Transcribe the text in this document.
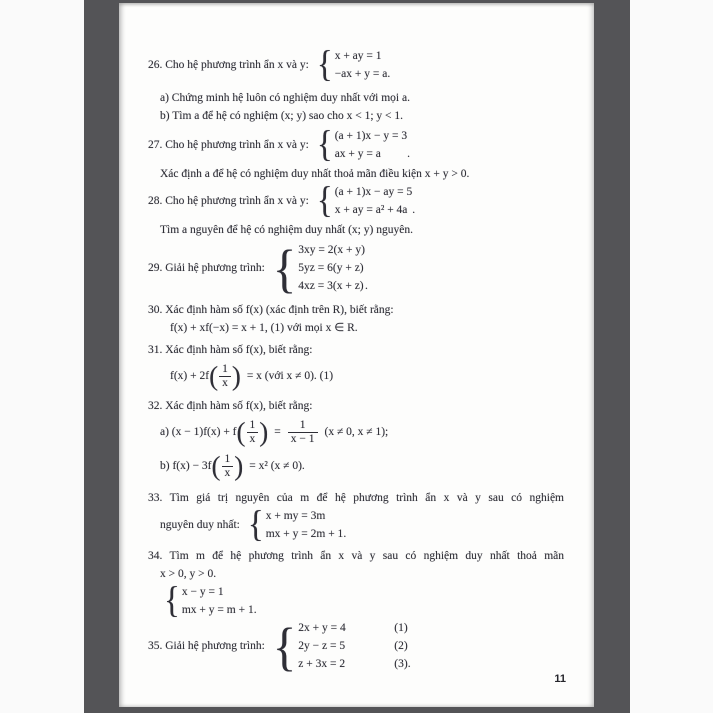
26. Cho hệ phương trình ẩn x và y: { x + ay = 1
−ax + y = a .
a) Chứng minh hệ luôn có nghiệm duy nhất với mọi a.
b) Tìm a để hệ có nghiệm (x; y) sao cho x < 1; y < 1.
27. Cho hệ phương trình ẩn x và y: { (a + 1)x − y = 3
ax + y = a	.
Xác định a để hệ có nghiệm duy nhất thoả mãn điều kiện x + y > 0.
28. Cho hệ phương trình ẩn x và y: { (a + 1)x − ay = 5
x + ay = a² + 4a .
Tìm a nguyên để hệ có nghiệm duy nhất (x; y) nguyên.
29. Giải hệ phương trình: { 3xy = 2(x + y)
5yz = 6(y + z)
4xz = 3(x + z) .
30. Xác định hàm số f(x) (xác định trên R), biết rằng:
f(x) + xf(−x) = x + 1, (1) với mọi x ∈ R.
31. Xác định hàm số f(x), biết rằng:
f(x) + 2f ( $\frac{1}{x}$ ) = x (với x ≠ 0). (1)
32. Xác định hàm số f(x), biết rằng:
a) (x − 1)f(x) + f ( $\frac{1}{x}$ ) = $\frac{1}{x - 1} (x \ne 0$, x ≠ 1);
b) f(x) − 3f ( $\frac{1}{x}$ ) = x² (x ≠ 0).
33. Tìm giá trị nguyên của m để hệ phương trình ẩn x và y sau có nghiệm
nguyên duy nhất: { x + my = 3m
mx + y = 2m + 1 .
34. Tìm m để hệ phương trình ẩn x và y sau có nghiệm duy nhất thoả mãn
x > 0, y > 0.
{ x − y = 1
mx + y = m + 1 .
35. Giải hệ phương trình: { 2x + y = 4	(1)
2y − z = 5	(2)
z + 3x = 2	(3) .
11
